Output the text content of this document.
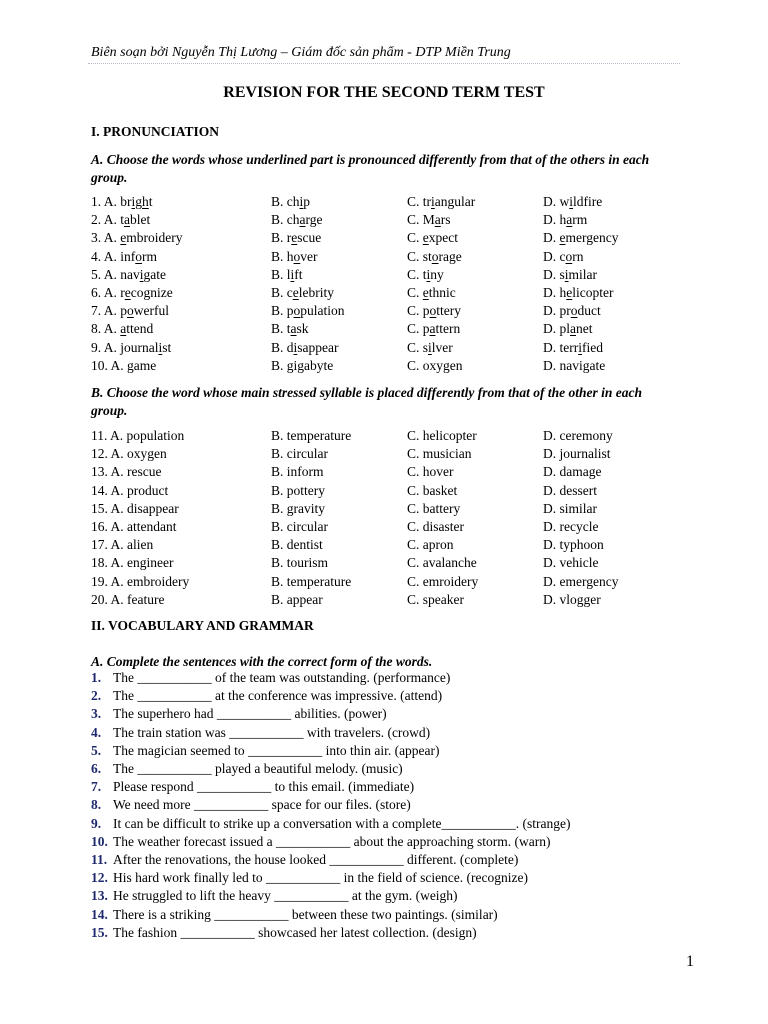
Biên soạn bởi Nguyễn Thị Lương – Giám đốc sản phẩm - DTP Miền Trung
REVISION FOR THE SECOND TERM TEST
I. PRONUNCIATION
A. Choose the words whose underlined part is pronounced differently from that of the others in each group.
1. A. bright	B. chip	C. triangular	D. wildfire
2. A. tablet	B. charge	C. Mars	D. harm
3. A. embroidery	B. rescue	C. expect	D. emergency
4. A. inform	B. hover	C. storage	D. corn
5. A. navigate	B. lift	C. tiny	D. similar
6. A. recognize	B. celebrity	C. ethnic	D. helicopter
7. A. powerful	B. population	C. pottery	D. product
8. A. attend	B. task	C. pattern	D. planet
9. A. journalist	B. disappear	C. silver	D. terrified
10. A. game	B. gigabyte	C. oxygen	D. navigate
B. Choose the word whose main stressed syllable is placed differently from that of the other in each group.
11. A. population	B. temperature	C. helicopter	D. ceremony
12. A. oxygen	B. circular	C. musician	D. journalist
13. A. rescue	B. inform	C. hover	D. damage
14. A. product	B. pottery	C. basket	D. dessert
15. A. disappear	B. gravity	C. battery	D. similar
16. A. attendant	B. circular	C. disaster	D. recycle
17. A. alien	B. dentist	C. apron	D. typhoon
18. A. engineer	B. tourism	C. avalanche	D. vehicle
19. A. embroidery	B. temperature	C. emroidery	D. emergency
20. A. feature	B. appear	C. speaker	D. vlogger
II. VOCABULARY AND GRAMMAR
A. Complete the sentences with the correct form of the words.
1. The ___________ of the team was outstanding. (performance)
2. The ___________ at the conference was impressive. (attend)
3. The superhero had ___________ abilities. (power)
4. The train station was ___________ with travelers. (crowd)
5. The magician seemed to ___________ into thin air. (appear)
6. The ___________ played a beautiful melody. (music)
7. Please respond ___________ to this email. (immediate)
8. We need more ___________ space for our files. (store)
9. It can be difficult to strike up a conversation with a complete___________. (strange)
10. The weather forecast issued a ___________ about the approaching storm. (warn)
11. After the renovations, the house looked ___________ different. (complete)
12. His hard work finally led to ___________ in the field of science. (recognize)
13. He struggled to lift the heavy ___________ at the gym. (weigh)
14. There is a striking ___________ between these two paintings. (similar)
15. The fashion ___________ showcased her latest collection. (design)
1
